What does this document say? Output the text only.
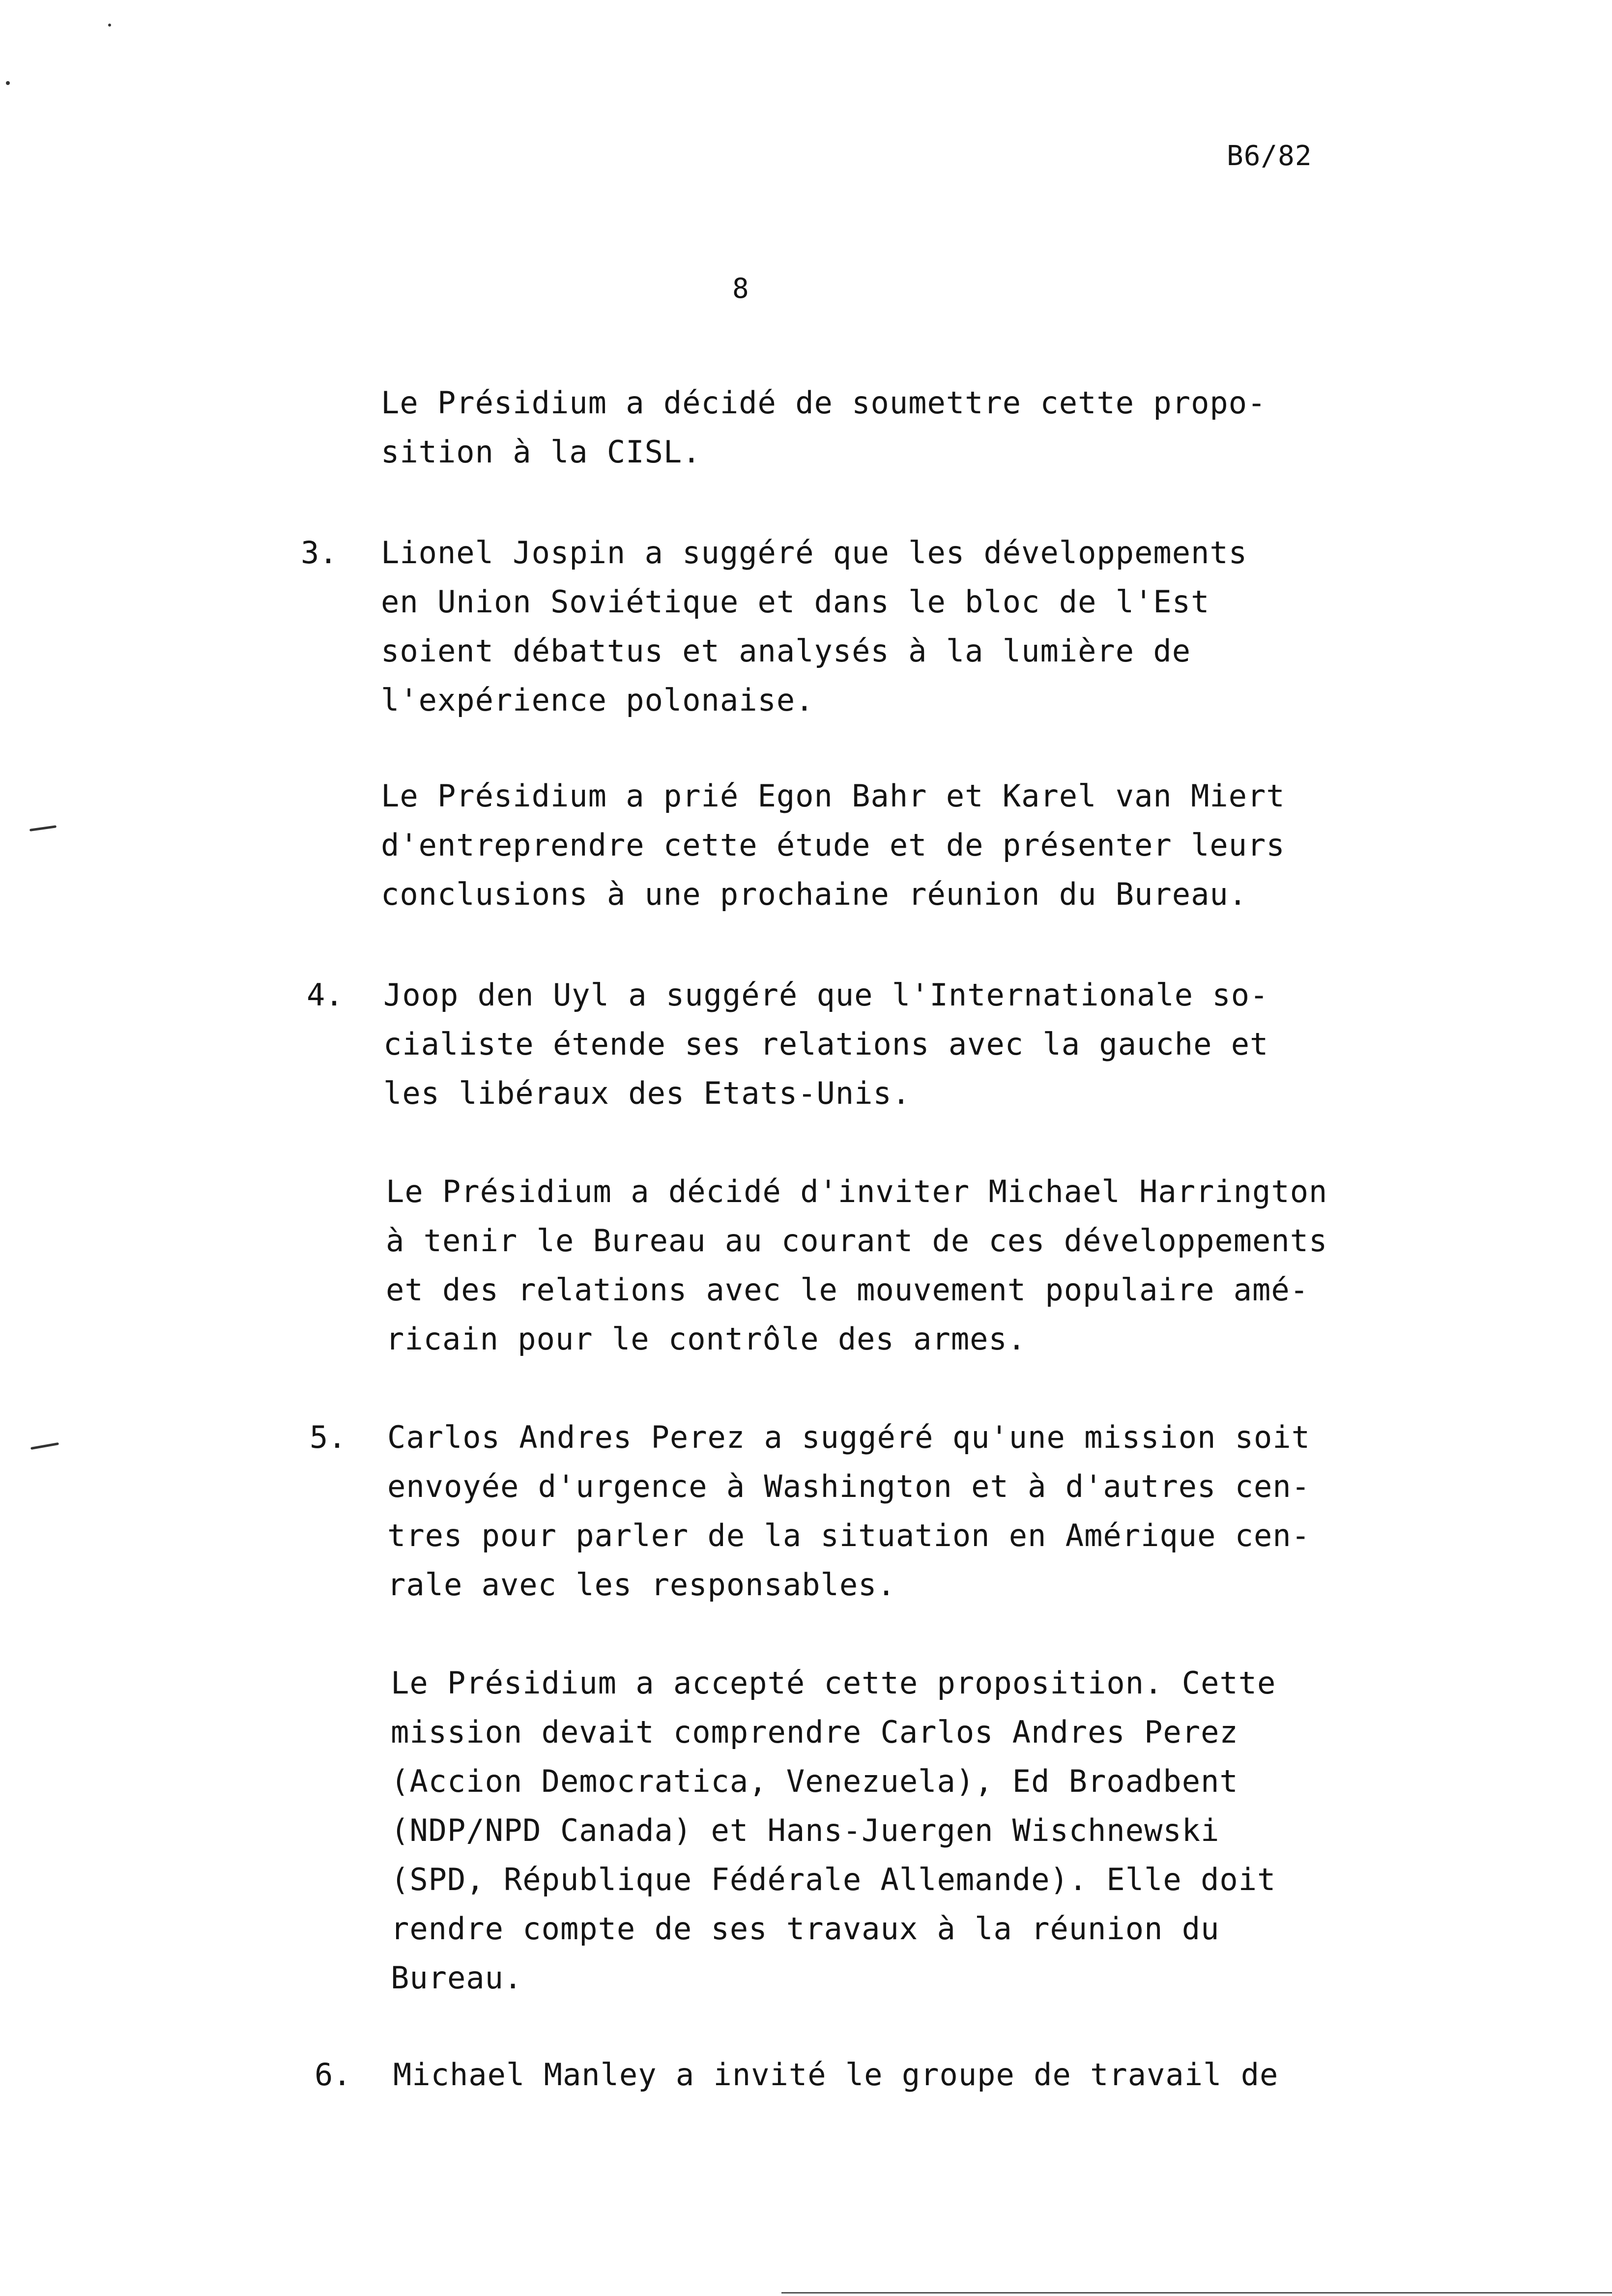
B6/82
8
Le Présidium a décidé de soumettre cette propo-
sition à la CISL.
3. Lionel Jospin a suggéré que les développements
en Union Soviétique et dans le bloc de l'Est
soient débattus et analysés à la lumière de
l'expérience polonaise.
Le Présidium a prié Egon Bahr et Karel van Miert
d'entreprendre cette étude et de présenter leurs
conclusions à une prochaine réunion du Bureau.
4. Joop den Uyl a suggéré que l'Internationale so-
cialiste étende ses relations avec la gauche et
les libéraux des Etats-Unis.
Le Présidium a décidé d'inviter Michael Harrington
à tenir le Bureau au courant de ces développements
et des relations avec le mouvement populaire amé-
ricain pour le contrôle des armes.
5. Carlos Andres Perez a suggéré qu'une mission soit
envoyée d'urgence à Washington et à d'autres cen-
tres pour parler de la situation en Amérique cen-
rale avec les responsables.
Le Présidium a accepté cette proposition. Cette
mission devait comprendre Carlos Andres Perez
(Accion Democratica, Venezuela), Ed Broadbent
(NDP/NPD Canada) et Hans-Juergen Wischnewski
(SPD, République Fédérale Allemande). Elle doit
rendre compte de ses travaux à la réunion du
Bureau.
6. Michael Manley a invité le groupe de travail de
